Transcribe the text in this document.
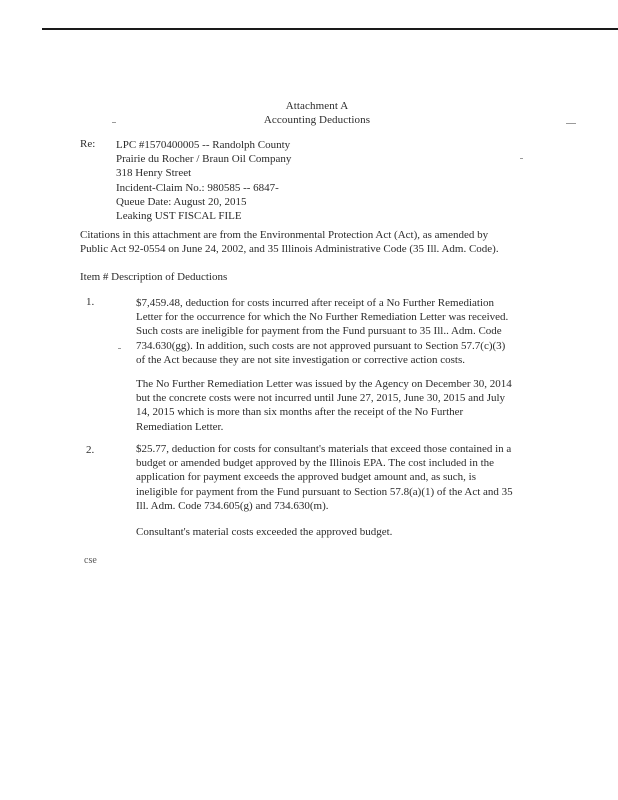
Attachment A
Accounting Deductions
Re: LPC #1570400005 -- Randolph County
Prairie du Rocher / Braun Oil Company
318 Henry Street
Incident-Claim No.: 980585 -- 6847-
Queue Date: August 20, 2015
Leaking UST FISCAL FILE
Citations in this attachment are from the Environmental Protection Act (Act), as amended by
Public Act 92-0554 on June 24, 2002, and 35 Illinois Administrative Code (35 Ill. Adm. Code).
Item # Description of Deductions
1.	$7,459.48, deduction for costs incurred after receipt of a No Further Remediation
Letter for the occurrence for which the No Further Remediation Letter was received.
Such costs are ineligible for payment from the Fund pursuant to 35 Ill.. Adm. Code
734.630(gg). In addition, such costs are not approved pursuant to Section 57.7(c)(3)
of the Act because they are not site investigation or corrective action costs.
The No Further Remediation Letter was issued by the Agency on December 30, 2014
but the concrete costs were not incurred until June 27, 2015, June 30, 2015 and July
14, 2015 which is more than six months after the receipt of the No Further
Remediation Letter.
2.	$25.77, deduction for costs for consultant's materials that exceed those contained in a
budget or amended budget approved by the Illinois EPA. The cost included in the
application for payment exceeds the approved budget amount and, as such, is
ineligible for payment from the Fund pursuant to Section 57.8(a)(1) of the Act and 35
Ill. Adm. Code 734.605(g) and 734.630(m).
Consultant's material costs exceeded the approved budget.
cse
